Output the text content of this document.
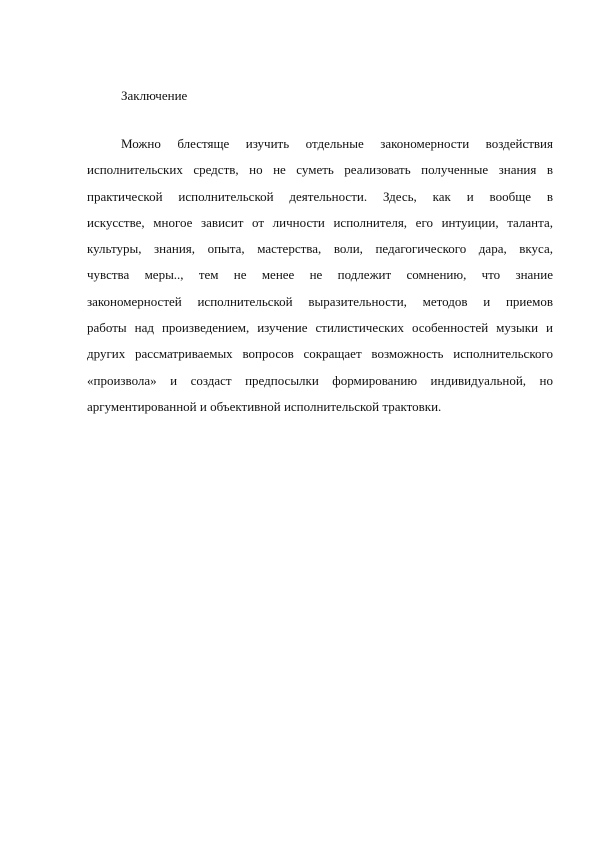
Заключение
Можно блестяще изучить отдельные закономерности воздействия
исполнительских средств, но не суметь реализовать полученные знания в
практической исполнительской деятельности. Здесь, как и вообще в
искусстве, многое зависит от личности исполнителя, его интуиции, таланта,
культуры, знания, опыта, мастерства, воли, педагогического дара, вкуса,
чувства меры.., тем не менее не подлежит сомнению, что знание
закономерностей исполнительской выразительности, методов и приемов
работы над произведением, изучение стилистических особенностей музыки и
других рассматриваемых вопросов сокращает возможность исполнительского
«произвола» и создаст предпосылки формированию индивидуальной, но
аргументированной и объективной исполнительской трактовки.
